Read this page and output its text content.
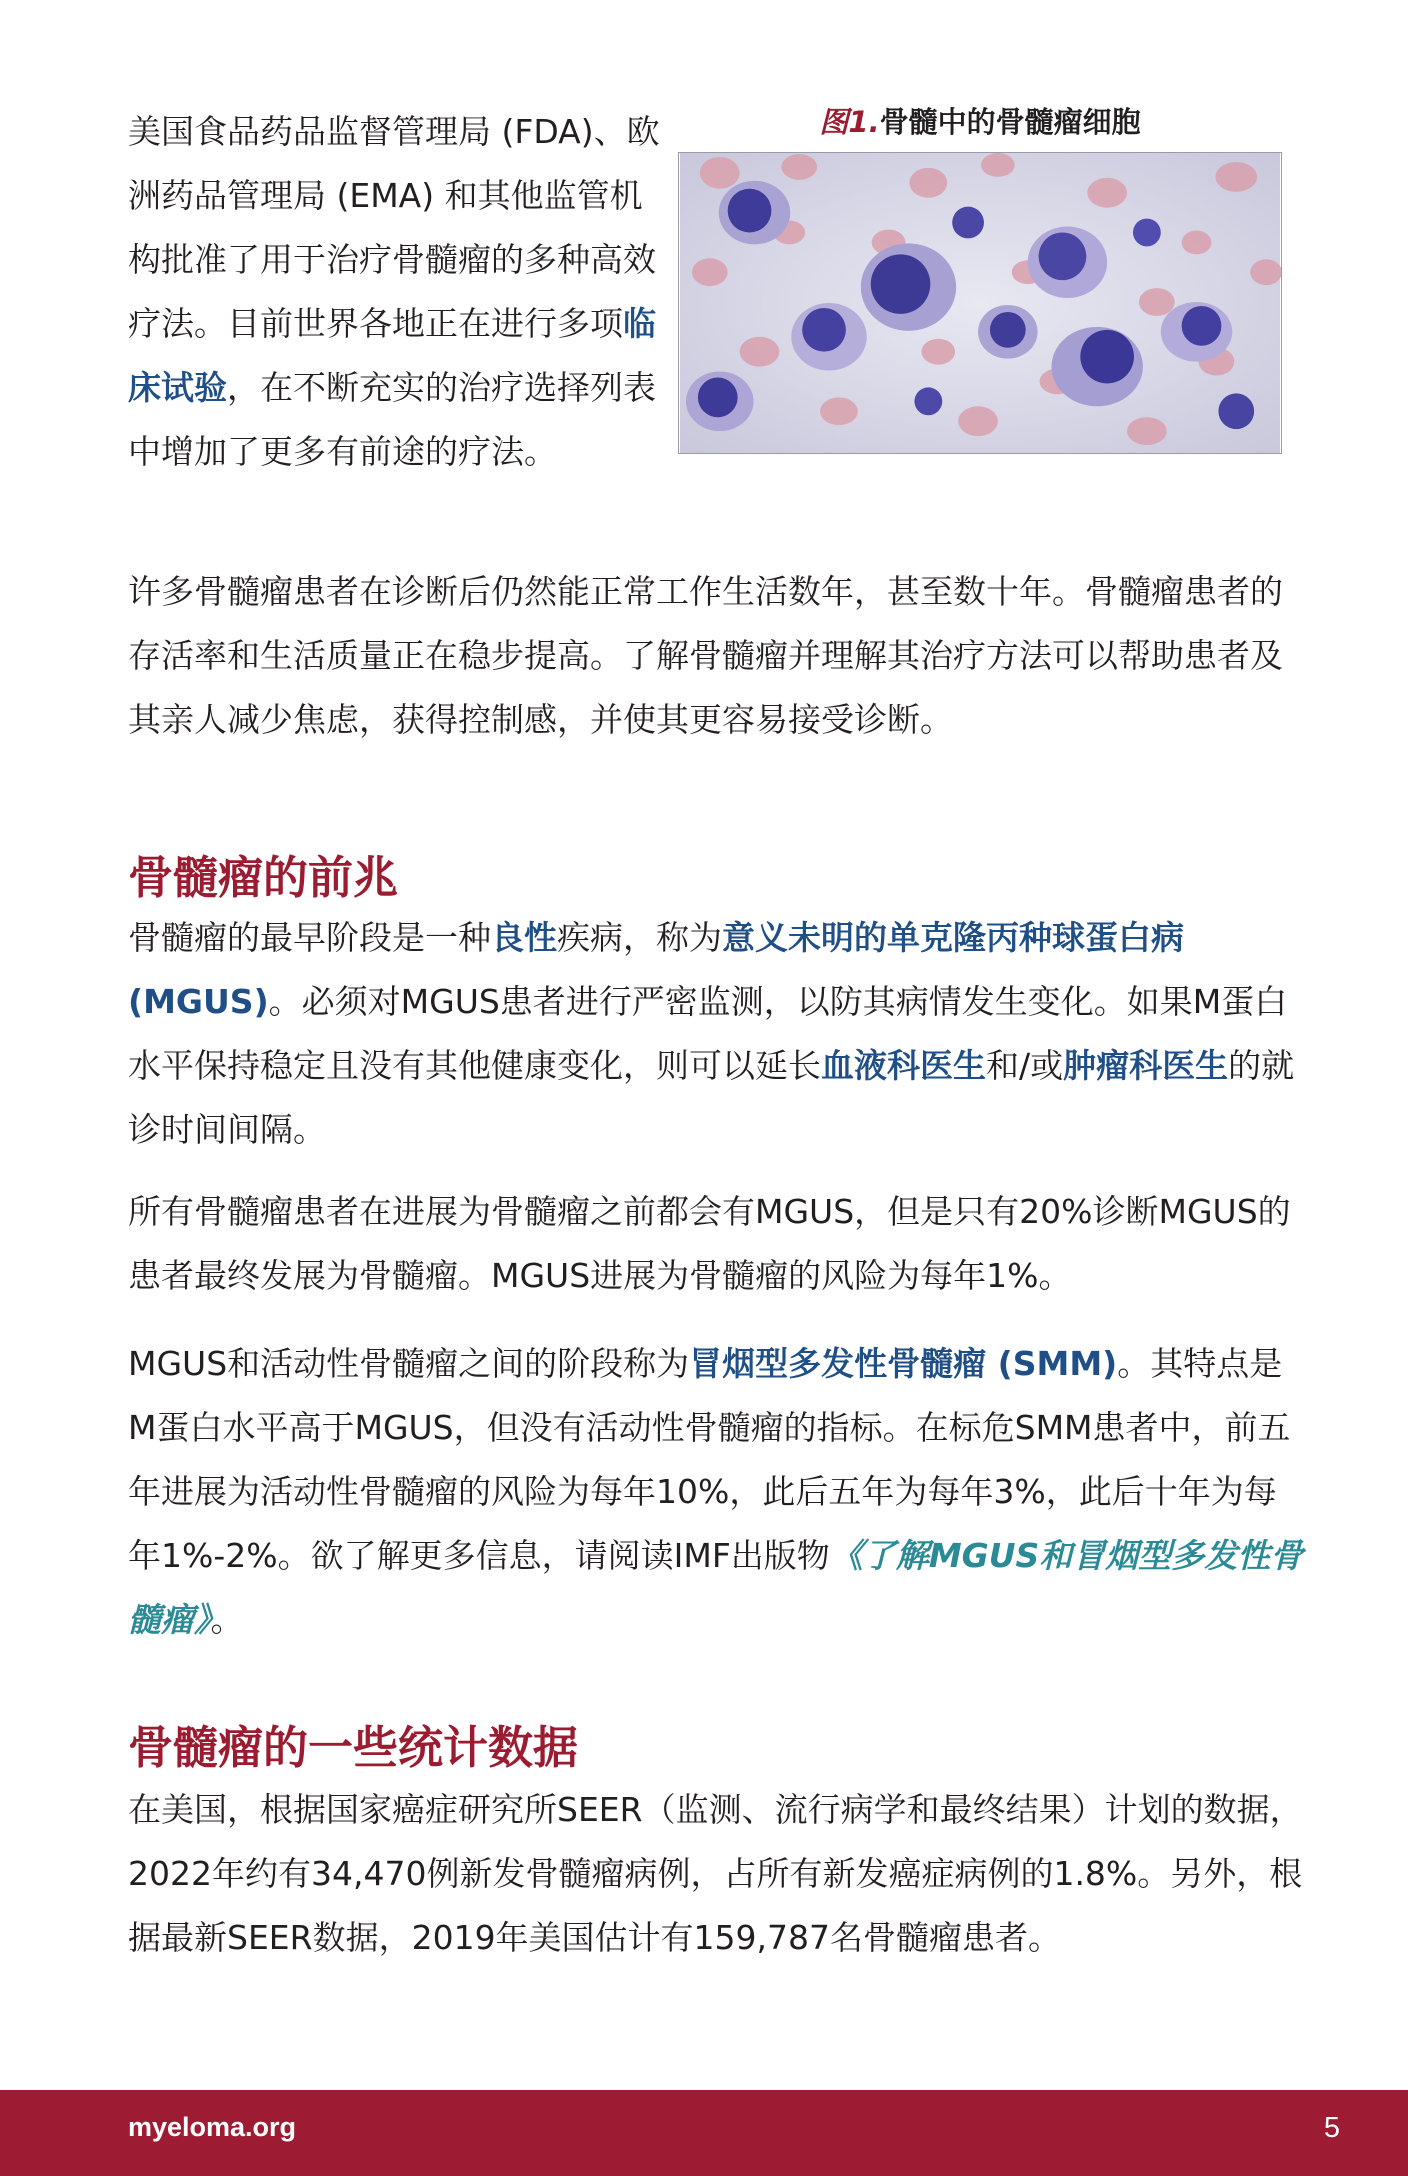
美国食品药品监督管理局 (FDA)、欧洲药品管理局 (EMA) 和其他监管机构批准了用于治疗骨髓瘤的多种高效疗法。目前世界各地正在进行多项临床试验，在不断充实的治疗选择列表中增加了更多有前途的疗法。

图1.骨髓中的骨髓瘤细胞

许多骨髓瘤患者在诊断后仍然能正常工作生活数年，甚至数十年。骨髓瘤患者的存活率和生活质量正在稳步提高。了解骨髓瘤并理解其治疗方法可以帮助患者及其亲人减少焦虑，获得控制感，并使其更容易接受诊断。

骨髓瘤的前兆

骨髓瘤的最早阶段是一种良性疾病，称为意义未明的单克隆丙种球蛋白病 (MGUS)。必须对MGUS患者进行严密监测，以防其病情发生变化。如果M蛋白水平保持稳定且没有其他健康变化，则可以延长血液科医生和/或肿瘤科医生的就诊时间间隔。

所有骨髓瘤患者在进展为骨髓瘤之前都会有MGUS，但是只有20%诊断MGUS的患者最终发展为骨髓瘤。MGUS进展为骨髓瘤的风险为每年1%。

MGUS和活动性骨髓瘤之间的阶段称为冒烟型多发性骨髓瘤 (SMM)。其特点是M蛋白水平高于MGUS，但没有活动性骨髓瘤的指标。在标危SMM患者中，前五年进展为活动性骨髓瘤的风险为每年10%，此后五年为每年3%，此后十年为每年1%-2%。欲了解更多信息，请阅读IMF出版物《了解MGUS和冒烟型多发性骨髓瘤》。

骨髓瘤的一些统计数据

在美国，根据国家癌症研究所SEER（监测、流行病学和最终结果）计划的数据，2022年约有34,470例新发骨髓瘤病例，占所有新发癌症病例的1.8%。另外，根据最新SEER数据，2019年美国估计有159,787名骨髓瘤患者。

myeloma.org	5
